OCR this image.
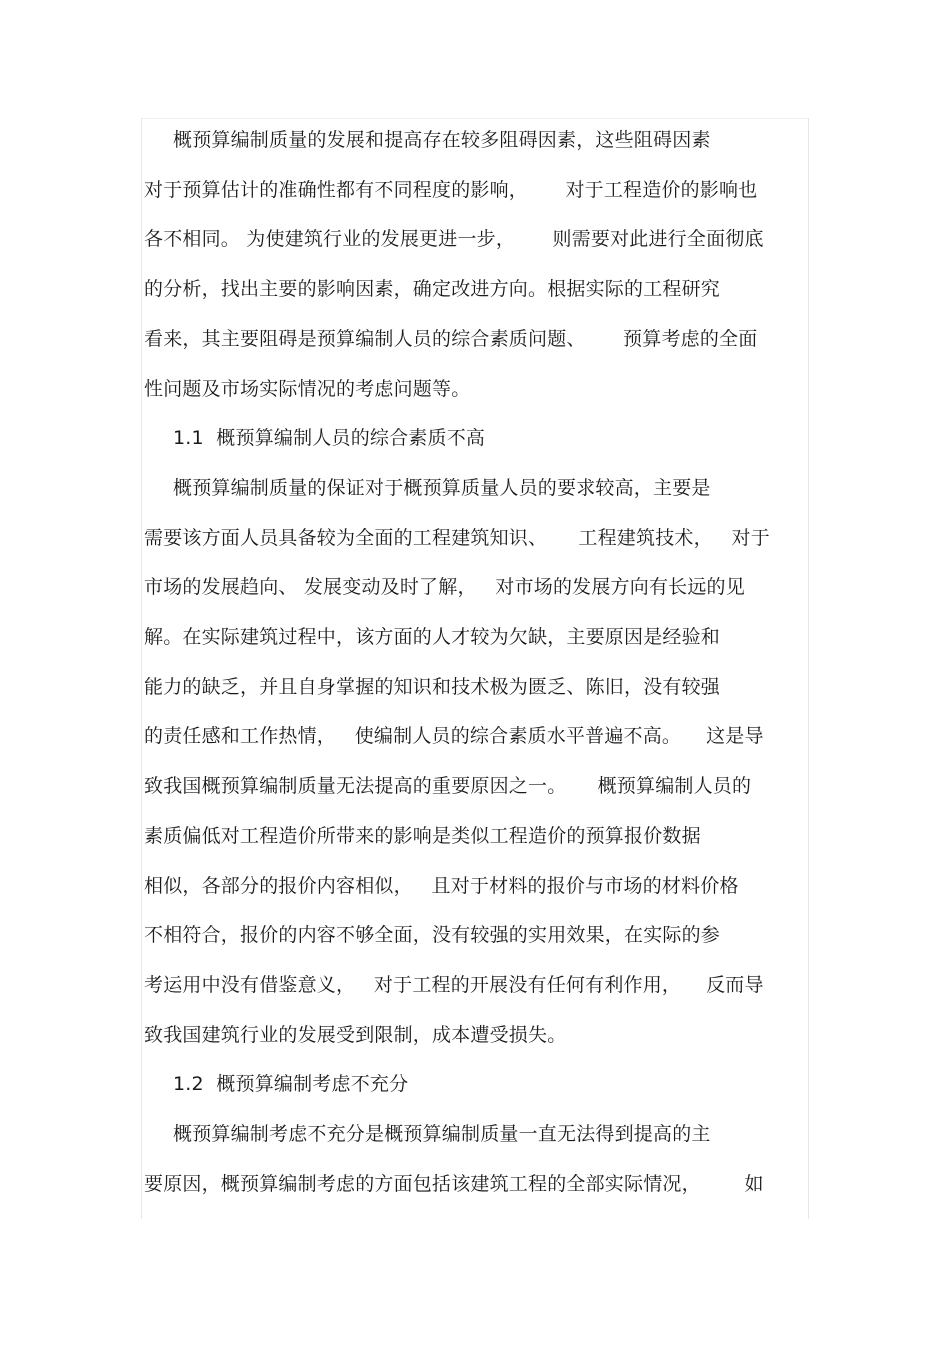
概预算编制质量的发展和提高存在较多阻碍因素，这些阻碍因素
对于预算估计的准确性都有不同程度的影响，      对于工程造价的影响也
各不相同。 为使建筑行业的发展更进一步，      则需要对此进行全面彻底
的分析，找出主要的影响因素，确定改进方向。根据实际的工程研究
看来，其主要阻碍是预算编制人员的综合素质问题、      预算考虑的全面
性问题及市场实际情况的考虑问题等。
1.1  概预算编制人员的综合素质不高
概预算编制质量的保证对于概预算质量人员的要求较高，主要是
需要该方面人员具备较为全面的工程建筑知识、     工程建筑技术，   对于
市场的发展趋向、 发展变动及时了解，   对市场的发展方向有长远的见
解。在实际建筑过程中，该方面的人才较为欠缺，主要原因是经验和
能力的缺乏，并且自身掌握的知识和技术极为匮乏、陈旧，没有较强
的责任感和工作热情，   使编制人员的综合素质水平普遍不高。    这是导
致我国概预算编制质量无法提高的重要原因之一。     概预算编制人员的
素质偏低对工程造价所带来的影响是类似工程造价的预算报价数据
相似，各部分的报价内容相似，   且对于材料的报价与市场的材料价格
不相符合，报价的内容不够全面，没有较强的实用效果，在实际的参
考运用中没有借鉴意义，   对于工程的开展没有任何有利作用，    反而导
致我国建筑行业的发展受到限制，成本遭受损失。
1.2  概预算编制考虑不充分
概预算编制考虑不充分是概预算编制质量一直无法得到提高的主
要原因，概预算编制考虑的方面包括该建筑工程的全部实际情况，       如
